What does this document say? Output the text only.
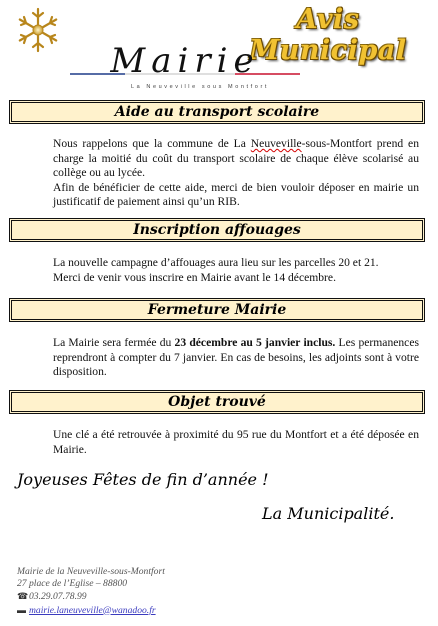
Avis Municipal
Mairie
La Neuveville sous Montfort
Aide au transport scolaire
Nous rappelons que la commune de La Neuveville-sous-Montfort prend en charge la moitié du coût du transport scolaire de chaque élève scolarisé au collège ou au lycée.
Afin de bénéficier de cette aide, merci de bien vouloir déposer en mairie un justificatif de paiement ainsi qu’un RIB.
Inscription affouages
La nouvelle campagne d’affouages aura lieu sur les parcelles 20 et 21.
Merci de venir vous inscrire en Mairie avant le 14 décembre.
Fermeture Mairie
La Mairie sera fermée du 23 décembre au 5 janvier inclus. Les permanences reprendront à compter du 7 janvier. En cas de besoins, les adjoints sont à votre disposition.
Objet trouvé
Une clé a été retrouvée à proximité du 95 rue du Montfort et a été déposée en Mairie.
Joyeuses Fêtes de fin d’année !
La Municipalité.
Mairie de la Neuveville-sous-Montfort
27 place de l’Eglise – 88800
☎03.29.07.78.99
▬ mairie.laneuveville@wanadoo.fr
